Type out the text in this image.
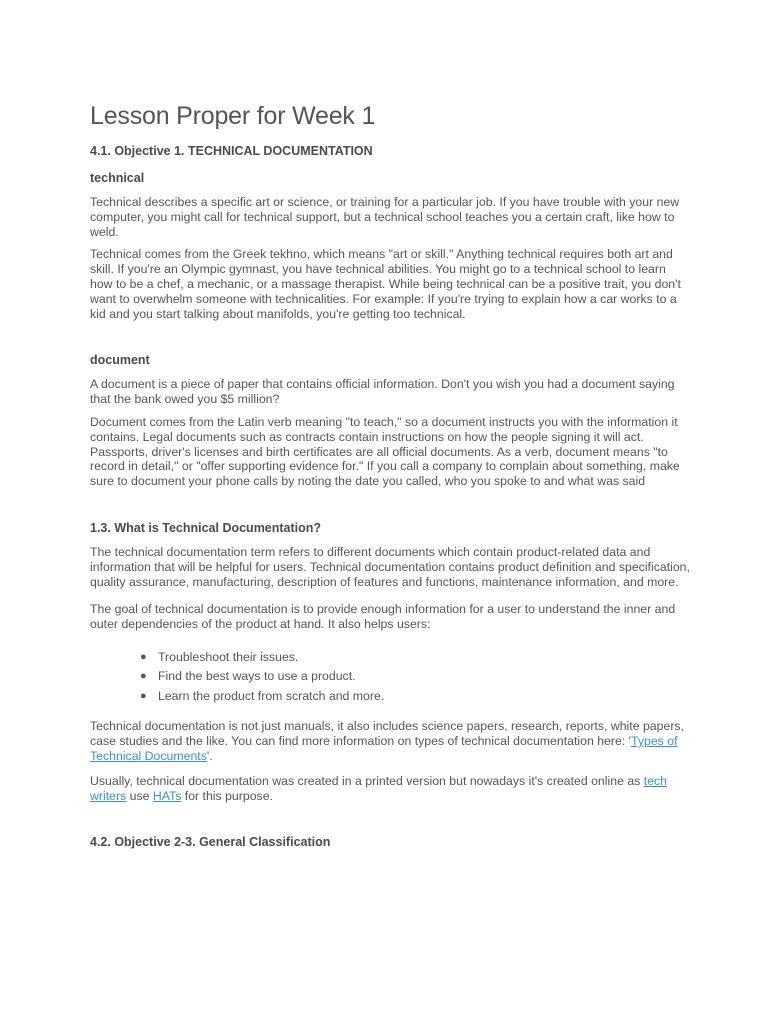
Lesson Proper for Week 1
4.1. Objective 1. TECHNICAL DOCUMENTATION
technical

Technical describes a specific art or science, or training for a particular job. If you have trouble with your new computer, you might call for technical support, but a technical school teaches you a certain craft, like how to weld.

Technical comes from the Greek tekhno, which means "art or skill." Anything technical requires both art and skill. If you're an Olympic gymnast, you have technical abilities. You might go to a technical school to learn how to be a chef, a mechanic, or a massage therapist. While being technical can be a positive trait, you don't want to overwhelm someone with technicalities. For example: If you're trying to explain how a car works to a kid and you start talking about manifolds, you're getting too technical.

document

A document is a piece of paper that contains official information. Don't you wish you had a document saying that the bank owed you $5 million?

Document comes from the Latin verb meaning "to teach," so a document instructs you with the information it contains. Legal documents such as contracts contain instructions on how the people signing it will act. Passports, driver's licenses and birth certificates are all official documents. As a verb, document means "to record in detail," or "offer supporting evidence for." If you call a company to complain about something, make sure to document your phone calls by noting the date you called, who you spoke to and what was said

1.3. What is Technical Documentation?

The technical documentation term refers to different documents which contain product-related data and information that will be helpful for users. Technical documentation contains product definition and specification, quality assurance, manufacturing, description of features and functions, maintenance information, and more.

The goal of technical documentation is to provide enough information for a user to understand the inner and outer dependencies of the product at hand. It also helps users:

● Troubleshoot their issues.
● Find the best ways to use a product.
● Learn the product from scratch and more.

Technical documentation is not just manuals, it also includes science papers, research, reports, white papers, case studies and the like. You can find more information on types of technical documentation here: 'Types of Technical Documents'.

Usually, technical documentation was created in a printed version but nowadays it's created online as tech writers use HATs for this purpose.

4.2. Objective 2-3. General Classification
